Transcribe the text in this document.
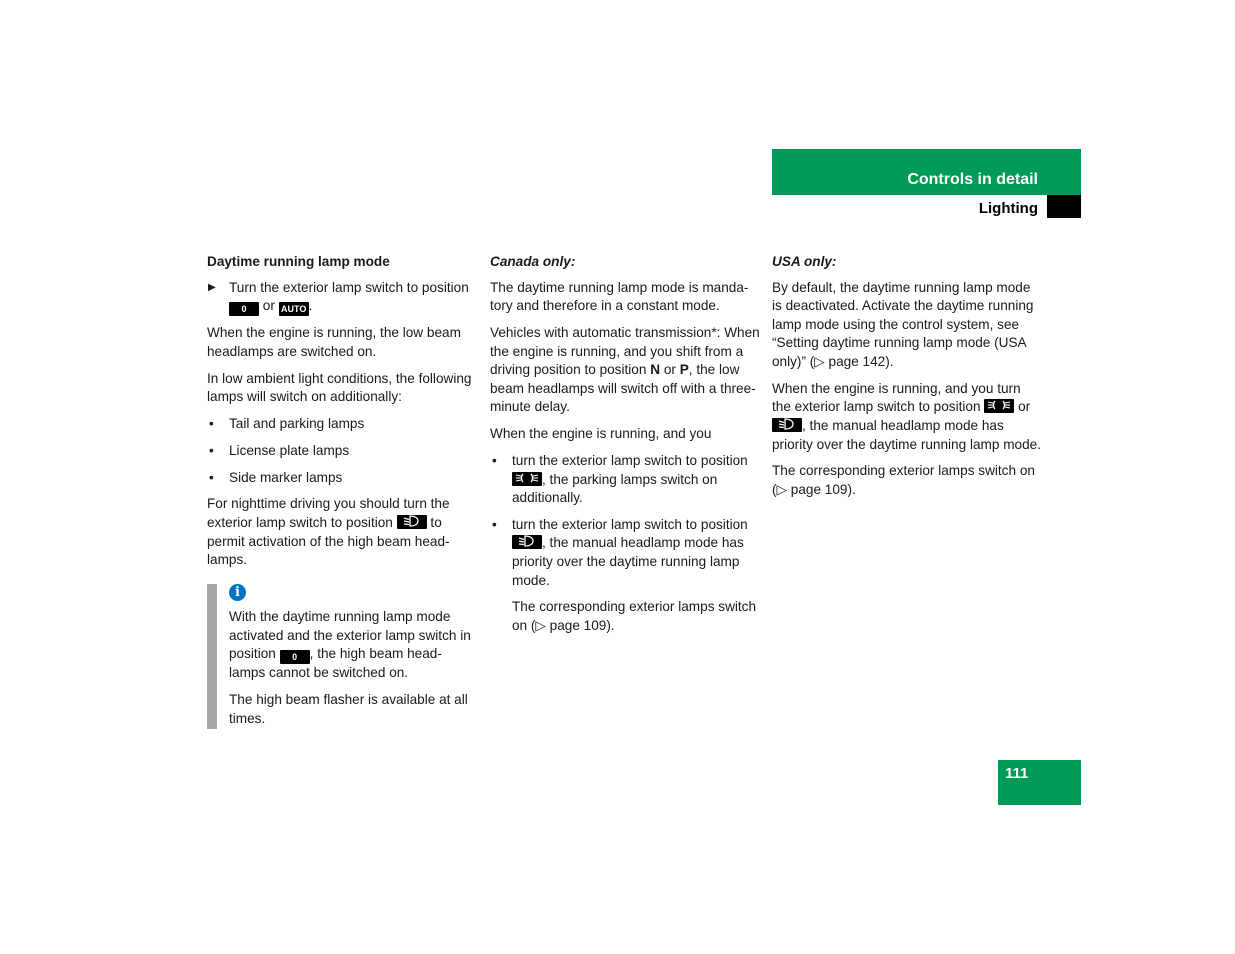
Controls in detail
Lighting

Daytime running lamp mode

▶ Turn the exterior lamp switch to position 0 or AUTO .

When the engine is running, the low beam headlamps are switched on.

In low ambient light conditions, the following lamps will switch on additionally:

• Tail and parking lamps
• License plate lamps
• Side marker lamps

For nighttime driving you should turn the exterior lamp switch to position	to permit activation of the high beam head-lamps.

i

With the daytime running lamp mode activated and the exterior lamp switch in position 0 , the high beam head-lamps cannot be switched on.

The high beam flasher is available at all times.

Canada only:

The daytime running lamp mode is manda-tory and therefore in a constant mode.

Vehicles with automatic transmission*: When the engine is running, and you shift from a driving position to position N or P, the low beam headlamps will switch off with a three-minute delay.

When the engine is running, and you

• turn the exterior lamp switch to position
, the parking lamps switch on additionally.
• turn the exterior lamp switch to position
, the manual headlamp mode has priority over the daytime running lamp mode.

The corresponding exterior lamps switch on (▷ page 109).

USA only:

By default, the daytime running lamp mode is deactivated. Activate the daytime running lamp mode using the control system, see “Setting daytime running lamp mode (USA only)” (▷ page 142).

When the engine is running, and you turn the exterior lamp switch to position	or
, the manual headlamp mode has priority over the daytime running lamp mode.

The corresponding exterior lamps switch on (▷ page 109).

111
